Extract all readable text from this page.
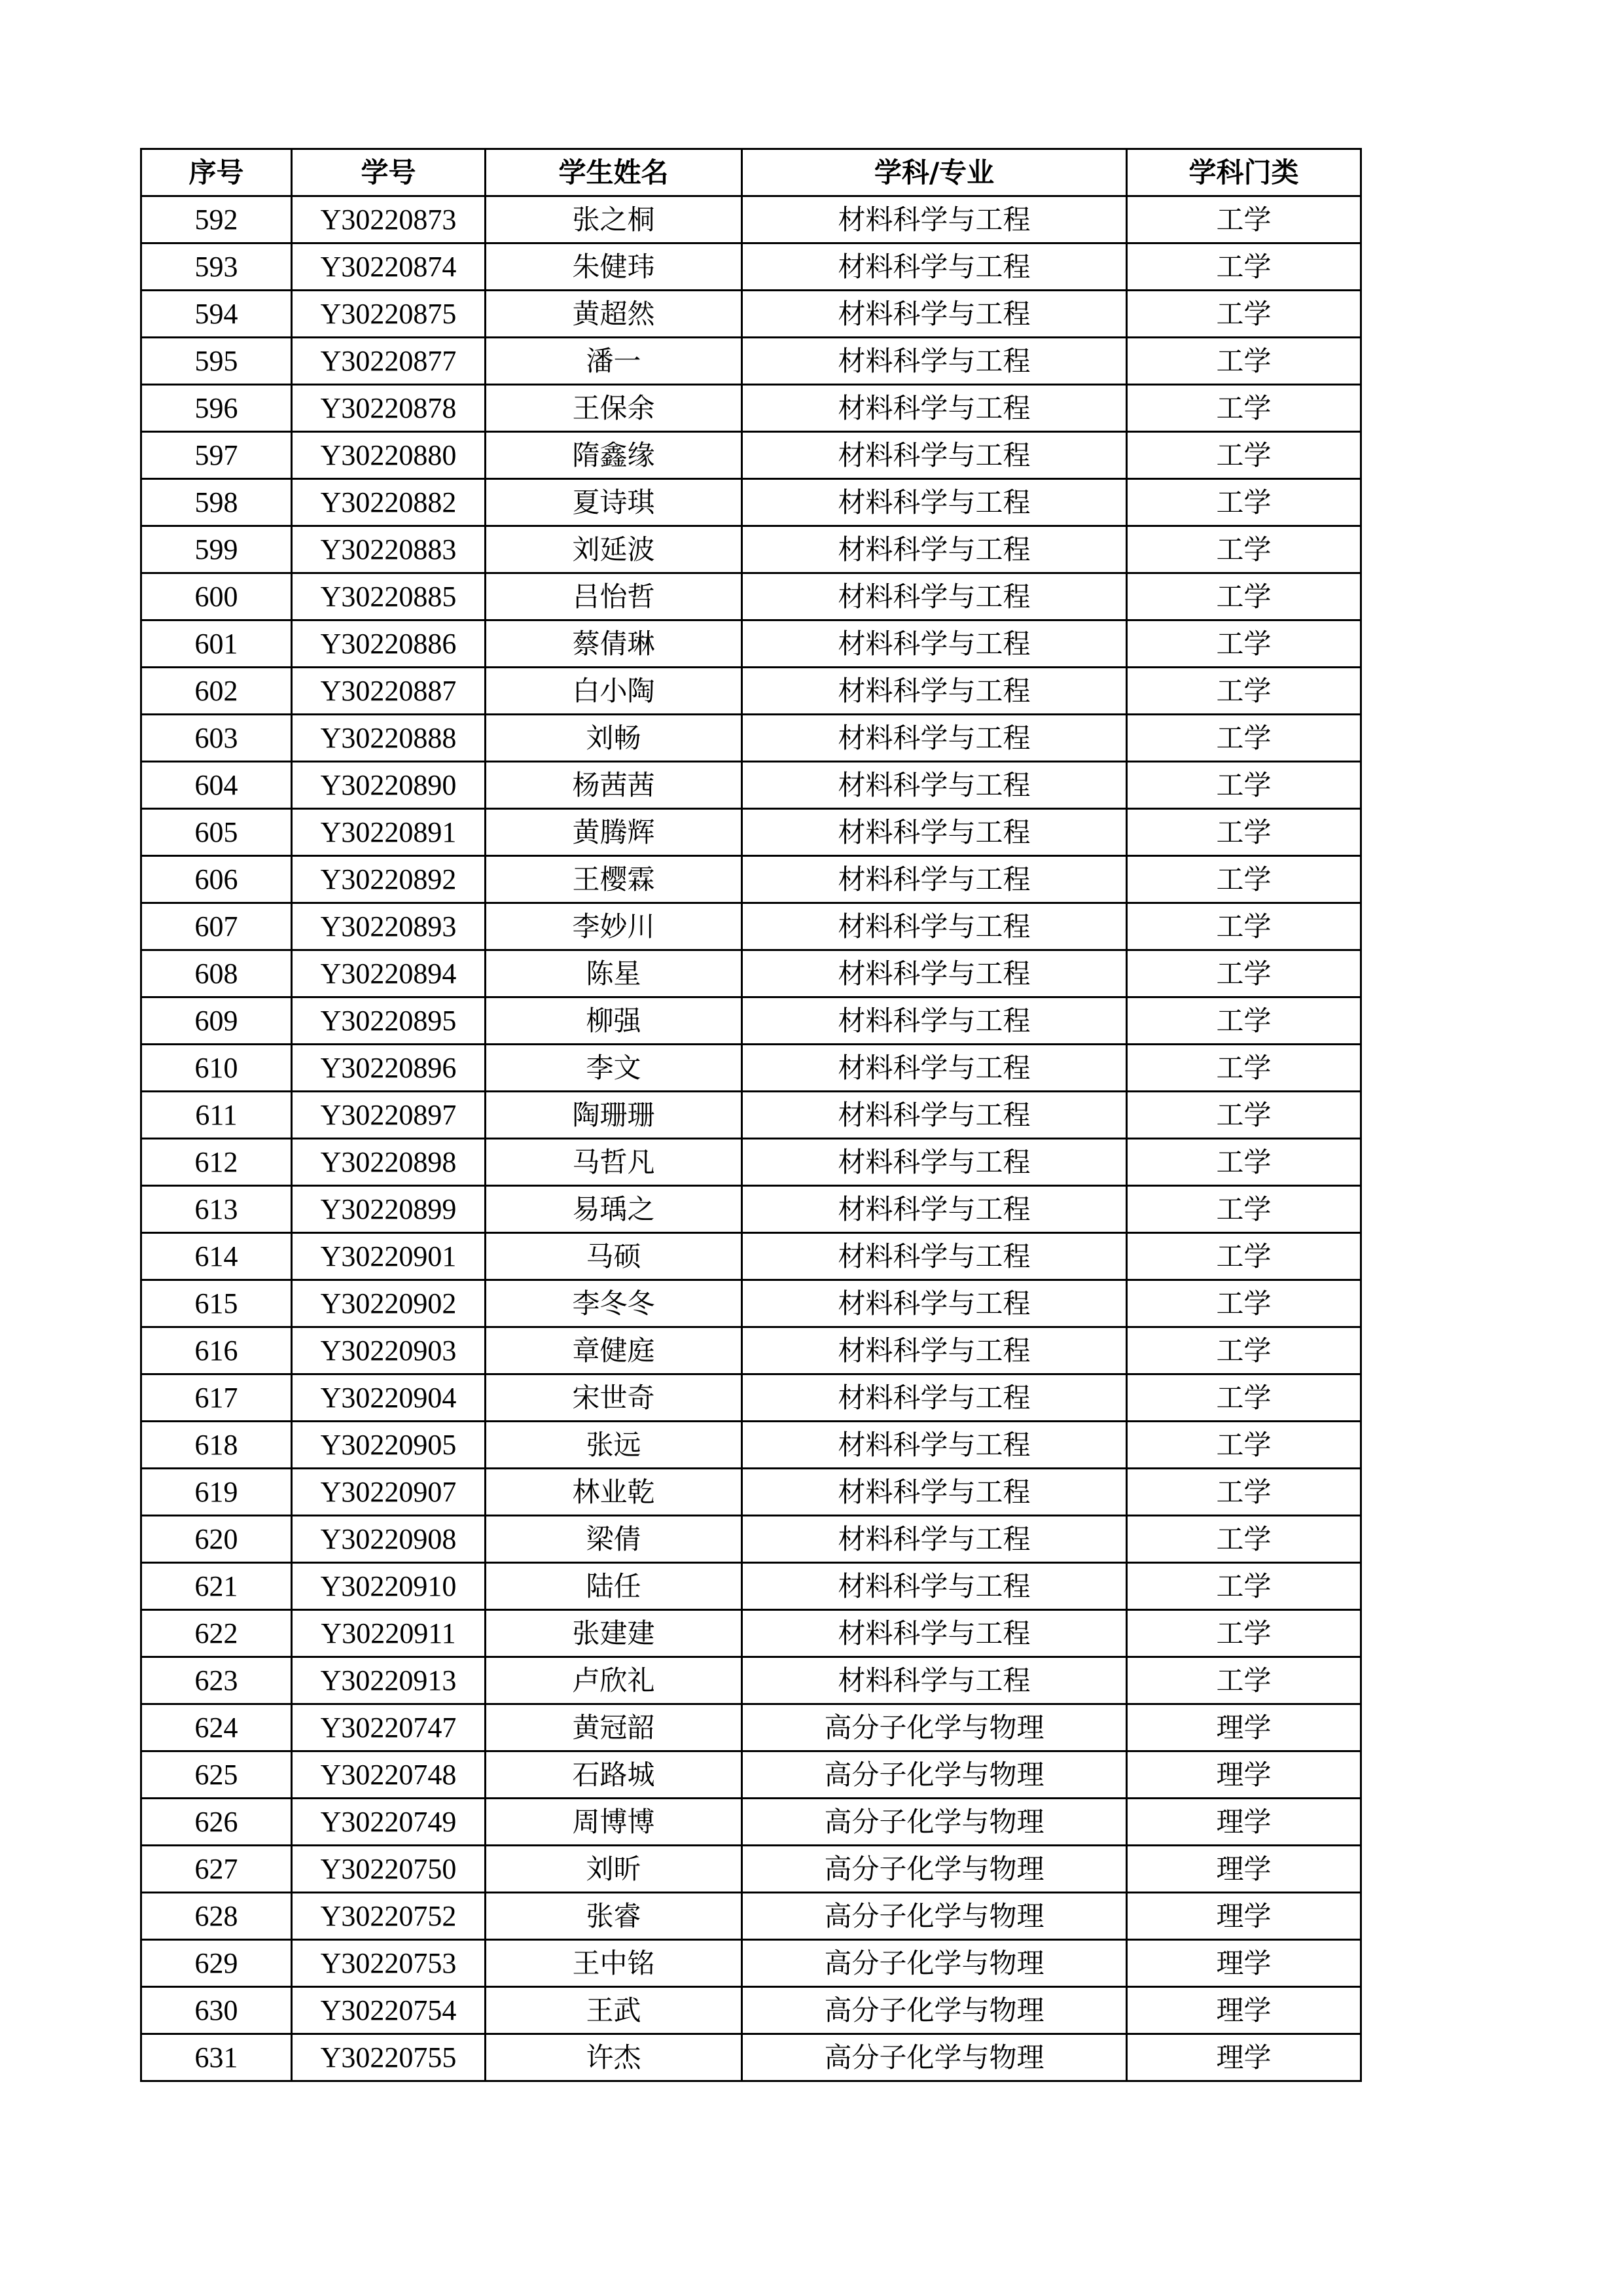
序号	学号	学生姓名	学科/专业	学科门类
592	Y30220873	张之桐	材料科学与工程	工学
593	Y30220874	朱健玮	材料科学与工程	工学
594	Y30220875	黄超然	材料科学与工程	工学
595	Y30220877	潘一	材料科学与工程	工学
596	Y30220878	王保余	材料科学与工程	工学
597	Y30220880	隋鑫缘	材料科学与工程	工学
598	Y30220882	夏诗琪	材料科学与工程	工学
599	Y30220883	刘延波	材料科学与工程	工学
600	Y30220885	吕怡哲	材料科学与工程	工学
601	Y30220886	蔡倩琳	材料科学与工程	工学
602	Y30220887	白小陶	材料科学与工程	工学
603	Y30220888	刘畅	材料科学与工程	工学
604	Y30220890	杨茜茜	材料科学与工程	工学
605	Y30220891	黄腾辉	材料科学与工程	工学
606	Y30220892	王樱霖	材料科学与工程	工学
607	Y30220893	李妙川	材料科学与工程	工学
608	Y30220894	陈星	材料科学与工程	工学
609	Y30220895	柳强	材料科学与工程	工学
610	Y30220896	李文	材料科学与工程	工学
611	Y30220897	陶珊珊	材料科学与工程	工学
612	Y30220898	马哲凡	材料科学与工程	工学
613	Y30220899	易瑀之	材料科学与工程	工学
614	Y30220901	马硕	材料科学与工程	工学
615	Y30220902	李冬冬	材料科学与工程	工学
616	Y30220903	章健庭	材料科学与工程	工学
617	Y30220904	宋世奇	材料科学与工程	工学
618	Y30220905	张远	材料科学与工程	工学
619	Y30220907	林业乾	材料科学与工程	工学
620	Y30220908	梁倩	材料科学与工程	工学
621	Y30220910	陆任	材料科学与工程	工学
622	Y30220911	张建建	材料科学与工程	工学
623	Y30220913	卢欣礼	材料科学与工程	工学
624	Y30220747	黄冠韶	高分子化学与物理	理学
625	Y30220748	石路城	高分子化学与物理	理学
626	Y30220749	周博博	高分子化学与物理	理学
627	Y30220750	刘昕	高分子化学与物理	理学
628	Y30220752	张睿	高分子化学与物理	理学
629	Y30220753	王中铭	高分子化学与物理	理学
630	Y30220754	王武	高分子化学与物理	理学
631	Y30220755	许杰	高分子化学与物理	理学
